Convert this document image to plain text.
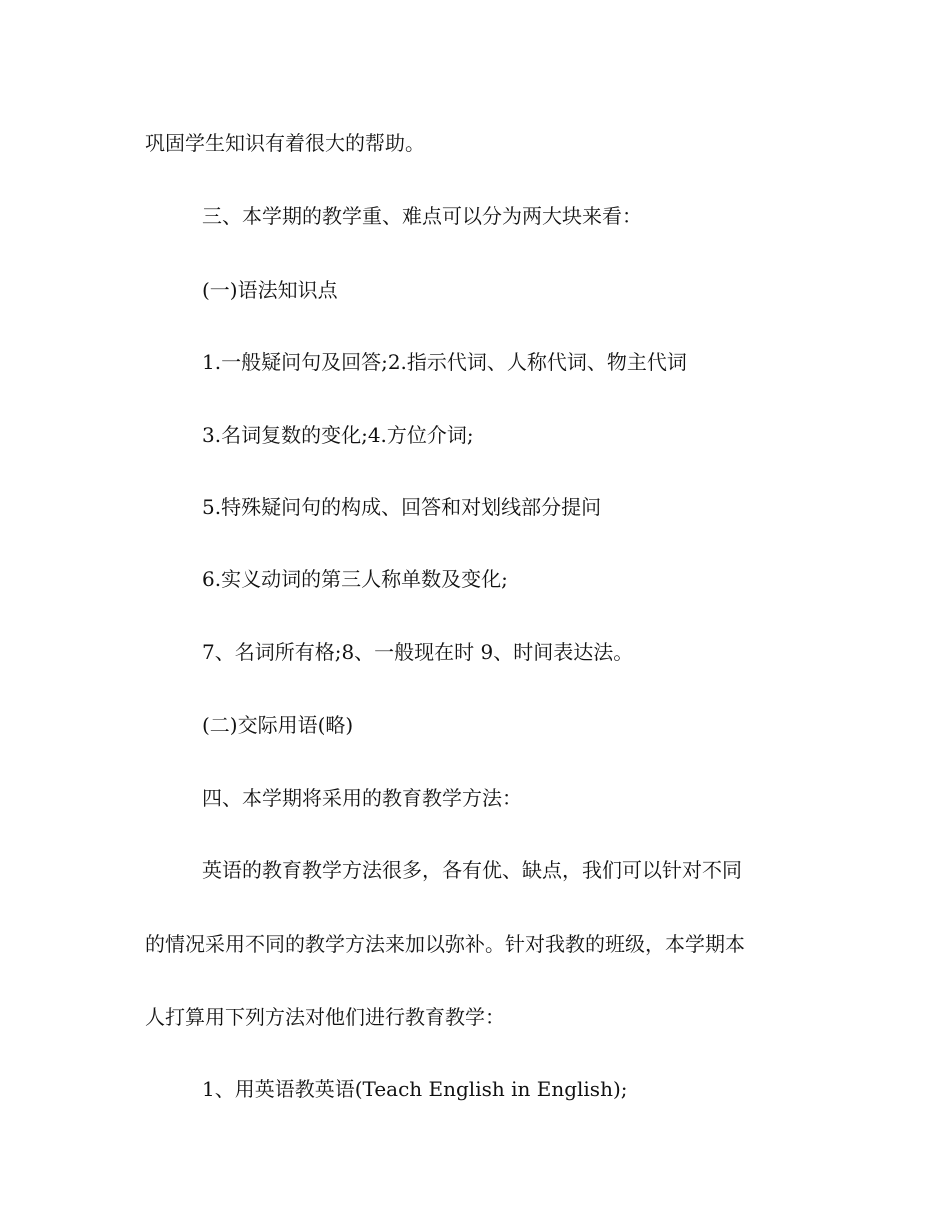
巩固学生知识有着很大的帮助。
三、本学期的教学重、难点可以分为两大块来看：
(一)语法知识点
1.一般疑问句及回答;2.指示代词、人称代词、物主代词
3.名词复数的变化;4.方位介词;
5.特殊疑问句的构成、回答和对划线部分提问
6.实义动词的第三人称单数及变化;
7、名词所有格;8、一般现在时 9、时间表达法。
(二)交际用语(略)
四、本学期将采用的教育教学方法：
英语的教育教学方法很多，各有优、缺点，我们可以针对不同
的情况采用不同的教学方法来加以弥补。针对我教的班级，本学期本
人打算用下列方法对他们进行教育教学：
1、用英语教英语(Teach English in English);
